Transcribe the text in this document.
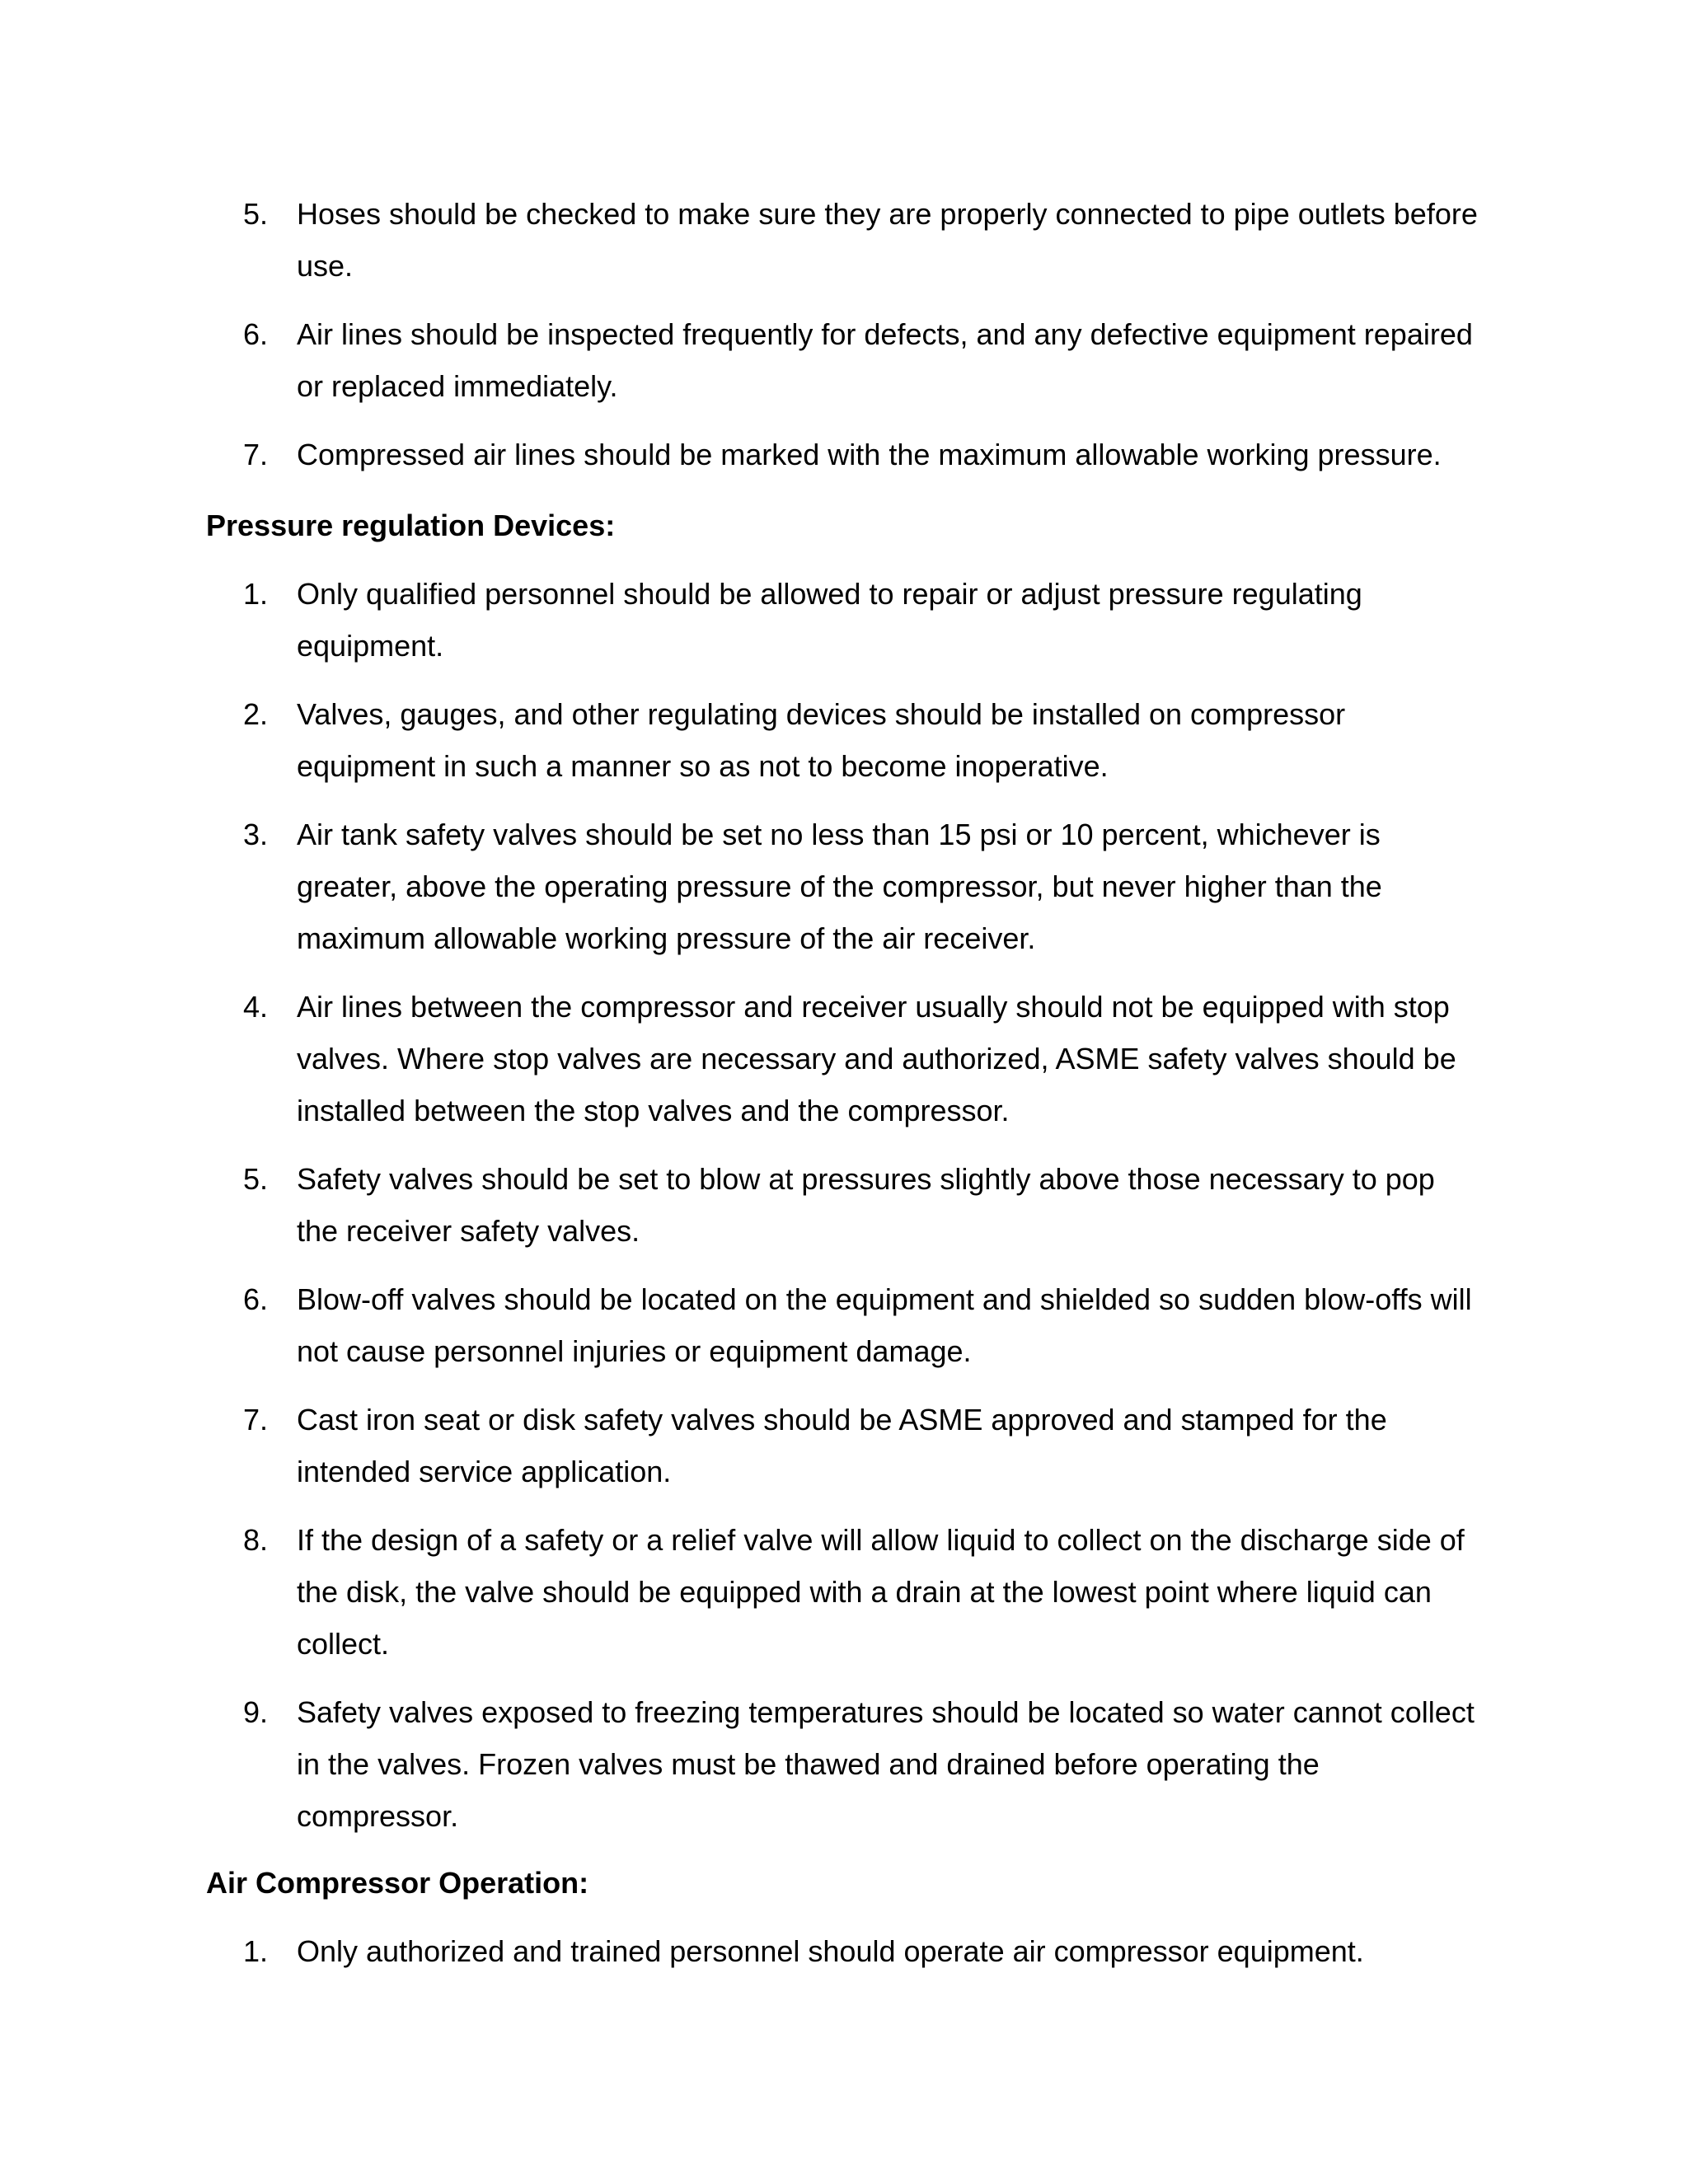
5. Hoses should be checked to make sure they are properly connected to pipe outlets before use.
6. Air lines should be inspected frequently for defects, and any defective equipment repaired or replaced immediately.
7. Compressed air lines should be marked with the maximum allowable working pressure.
Pressure regulation Devices:
1. Only qualified personnel should be allowed to repair or adjust pressure regulating equipment.
2. Valves, gauges, and other regulating devices should be installed on compressor equipment in such a manner so as not to become inoperative.
3. Air tank safety valves should be set no less than 15 psi or 10 percent, whichever is greater, above the operating pressure of the compressor, but never higher than the maximum allowable working pressure of the air receiver.
4. Air lines between the compressor and receiver usually should not be equipped with stop valves. Where stop valves are necessary and authorized, ASME safety valves should be installed between the stop valves and the compressor.
5. Safety valves should be set to blow at pressures slightly above those necessary to pop the receiver safety valves.
6. Blow-off valves should be located on the equipment and shielded so sudden blow-offs will not cause personnel injuries or equipment damage.
7. Cast iron seat or disk safety valves should be ASME approved and stamped for the intended service application.
8. If the design of a safety or a relief valve will allow liquid to collect on the discharge side of the disk, the valve should be equipped with a drain at the lowest point where liquid can collect.
9. Safety valves exposed to freezing temperatures should be located so water cannot collect in the valves. Frozen valves must be thawed and drained before operating the compressor.
Air Compressor Operation:
1. Only authorized and trained personnel should operate air compressor equipment.
